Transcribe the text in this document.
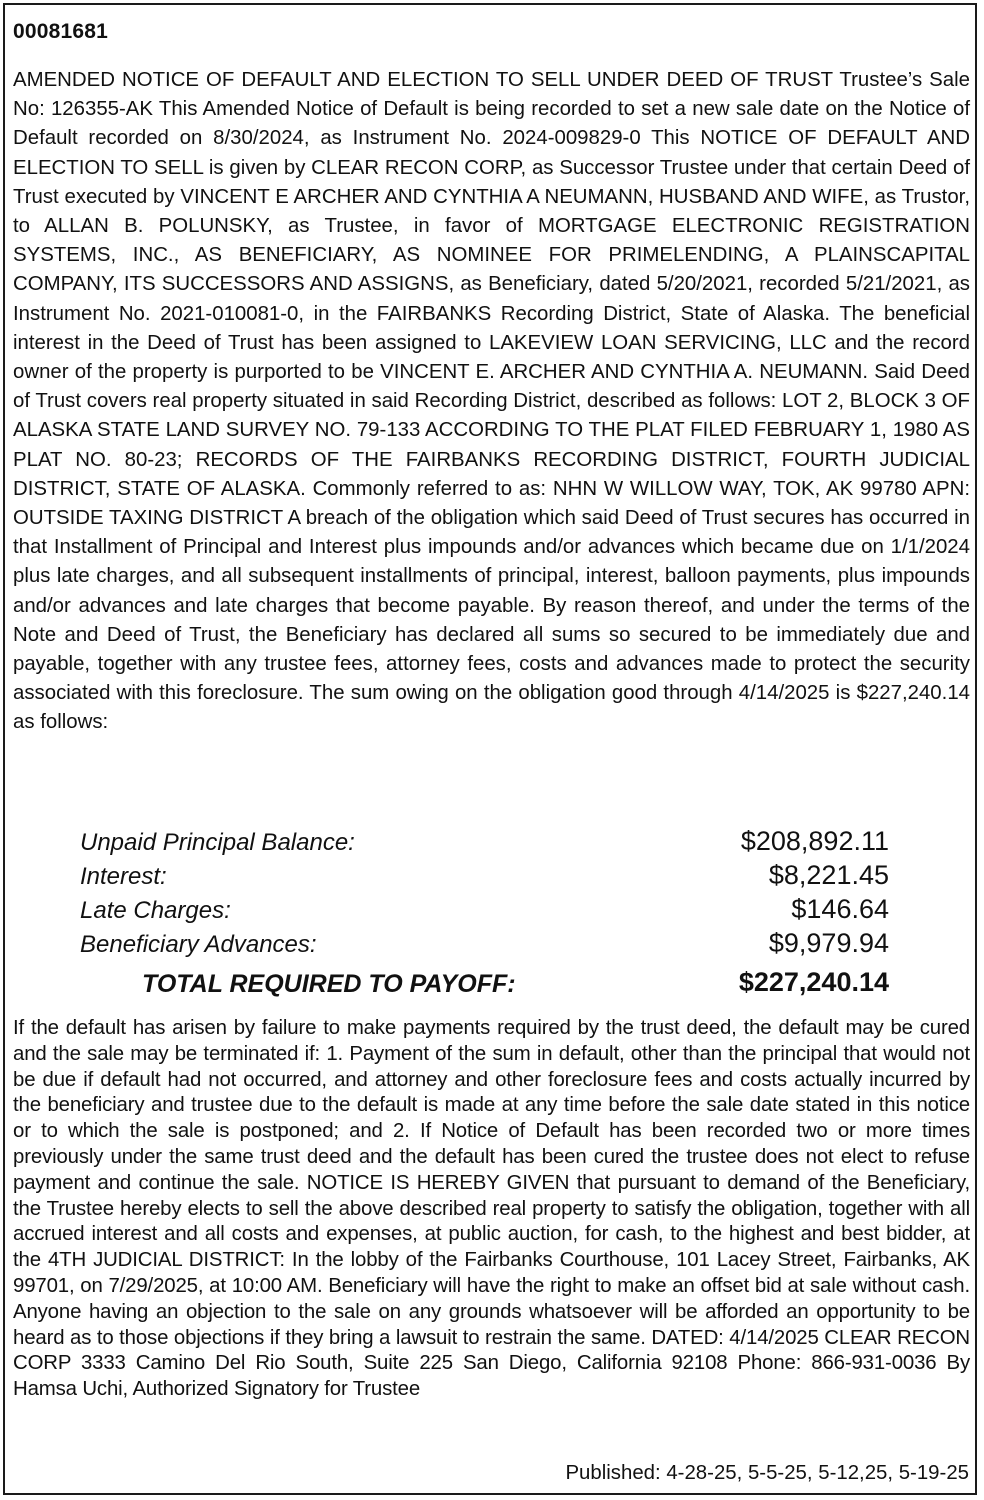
00081681

AMENDED NOTICE OF DEFAULT AND ELECTION TO SELL UNDER DEED OF TRUST Trustee’s Sale No: 126355-AK This Amended Notice of Default is being recorded to set a new sale date on the Notice of Default recorded on 8/30/2024, as Instrument No. 2024-009829-0 This NOTICE OF DEFAULT AND ELECTION TO SELL is given by CLEAR RECON CORP, as Successor Trustee under that certain Deed of Trust executed by VINCENT E ARCHER AND CYNTHIA A NEUMANN, HUSBAND AND WIFE, as Trustor, to ALLAN B. POLUNSKY, as Trustee, in favor of MORTGAGE ELECTRONIC REGISTRATION SYSTEMS, INC., AS BENEFICIARY, AS NOMINEE FOR PRIMELENDING, A PLAINSCAPITAL COMPANY, ITS SUCCESSORS AND ASSIGNS, as Beneficiary, dated 5/20/2021, recorded 5/21/2021, as Instrument No. 2021-010081-0, in the FAIRBANKS Recording District, State of Alaska. The beneficial interest in the Deed of Trust has been assigned to LAKEVIEW LOAN SERVICING, LLC and the record owner of the property is purported to be VINCENT E. ARCHER AND CYNTHIA A. NEUMANN. Said Deed of Trust covers real property situated in said Recording District, described as follows: LOT 2, BLOCK 3 OF ALASKA STATE LAND SURVEY NO. 79-133 ACCORDING TO THE PLAT FILED FEBRUARY 1, 1980 AS PLAT NO. 80-23; RECORDS OF THE FAIRBANKS RECORDING DISTRICT, FOURTH JUDICIAL DISTRICT, STATE OF ALASKA. Commonly referred to as: NHN W WILLOW WAY, TOK, AK 99780 APN: OUTSIDE TAXING DISTRICT A breach of the obligation which said Deed of Trust secures has occurred in that Installment of Principal and Interest plus impounds and/or advances which became due on 1/1/2024 plus late charges, and all subsequent installments of principal, interest, balloon payments, plus impounds and/or advances and late charges that become payable. By reason thereof, and under the terms of the Note and Deed of Trust, the Beneficiary has declared all sums so secured to be immediately due and payable, together with any trustee fees, attorney fees, costs and advances made to protect the security associated with this foreclosure. The sum owing on the obligation good through 4/14/2025 is $227,240.14 as follows:

Unpaid Principal Balance:	$208,892.11
Interest:	$8,221.45
Late Charges:	$146.64
Beneficiary Advances:	$9,979.94
TOTAL REQUIRED TO PAYOFF:	$227,240.14

If the default has arisen by failure to make payments required by the trust deed, the default may be cured and the sale may be terminated if: 1. Payment of the sum in default, other than the principal that would not be due if default had not occurred, and attorney and other foreclosure fees and costs actually incurred by the beneficiary and trustee due to the default is made at any time before the sale date stated in this notice or to which the sale is postponed; and 2. If Notice of Default has been recorded two or more times previously under the same trust deed and the default has been cured the trustee does not elect to refuse payment and continue the sale. NOTICE IS HEREBY GIVEN that pursuant to demand of the Beneficiary, the Trustee hereby elects to sell the above described real property to satisfy the obligation, together with all accrued interest and all costs and expenses, at public auction, for cash, to the highest and best bidder, at the 4TH JUDICIAL DISTRICT: In the lobby of the Fairbanks Courthouse, 101 Lacey Street, Fairbanks, AK 99701, on 7/29/2025, at 10:00 AM. Beneficiary will have the right to make an offset bid at sale without cash. Anyone having an objection to the sale on any grounds whatsoever will be afforded an opportunity to be heard as to those objections if they bring a lawsuit to restrain the same. DATED: 4/14/2025 CLEAR RECON CORP 3333 Camino Del Rio South, Suite 225 San Diego, California 92108 Phone: 866-931-0036 By Hamsa Uchi, Authorized Signatory for Trustee

Published: 4-28-25, 5-5-25, 5-12,25, 5-19-25
